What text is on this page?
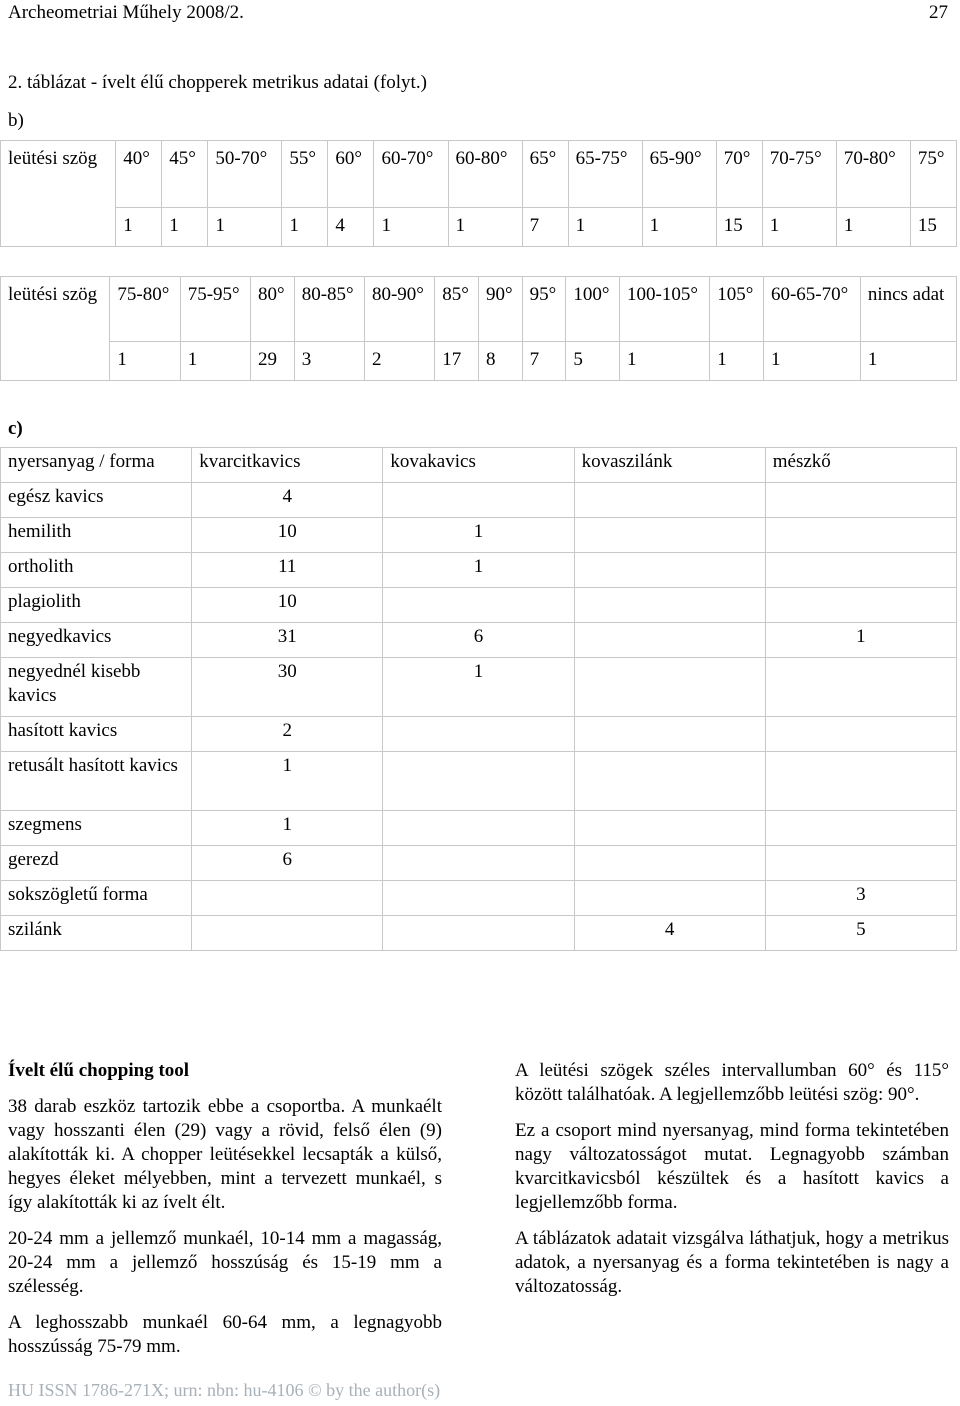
Archeometriai Műhely 2008/2.	27
2. táblázat - ívelt élű chopperek metrikus adatai (folyt.)
b)
leütési szög	40°	45°	50-70°	55°	60°	60-70°	60-80°	65°	65-75°	65-90°	70°	70-75°	70-80°	75°
	1	1	1	1	4	1	1	7	1	1	15	1	1	15
leütési szög	75-80°	75-95°	80°	80-85°	80-90°	85°	90°	95°	100°	100-105°	105°	60-65-70°	nincs adat
	1	1	29	3	2	17	8	7	5	1	1	1	1
c)
nyersanyag / forma	kvarcitkavics	kovakavics	kovaszilánk	mészkő
egész kavics	4			
hemilith	10	1		
ortholith	11	1		
plagiolith	10			
negyedkavics	31	6		1
negyednél kisebb kavics	30	1		
hasított kavics	2			
retusált hasított kavics	1			
szegmens	1			
gerezd	6			
sokszögletű forma				3
szilánk			4	5
Ívelt élű chopping tool

38 darab eszköz tartozik ebbe a csoportba. A munkaélt vagy hosszanti élen (29) vagy a rövid, felső élen (9) alakították ki. A chopper leütésekkel lecsapták a külső, hegyes éleket mélyebben, mint a tervezett munkaél, s így alakították ki az ívelt élt.

20-24 mm a jellemző munkaél, 10-14 mm a magasság, 20-24 mm a jellemző hosszúság és 15-19 mm a szélesség.

A leghosszabb munkaél 60-64 mm, a legnagyobb hosszússág 75-79 mm.

A leütési szögek széles intervallumban 60° és 115° között találhatóak. A legjellemzőbb leütési szög: 90°.

Ez a csoport mind nyersanyag, mind forma tekintetében nagy változatosságot mutat. Legnagyobb számban kvarcitkavicsból készültek és a hasított kavics a legjellemzőbb forma.

A táblázatok adatait vizsgálva láthatjuk, hogy a metrikus adatok, a nyersanyag és a forma tekintetében is nagy a változatosság.

HU ISSN 1786-271X; urn: nbn: hu-4106 © by the author(s)
